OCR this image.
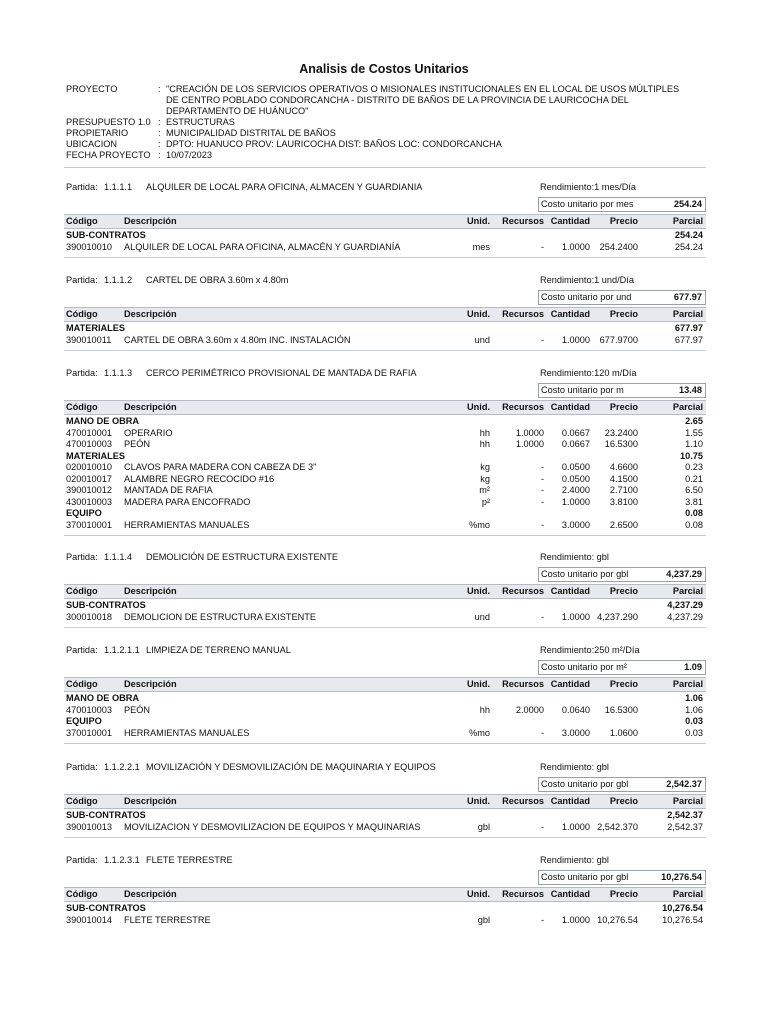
Analisis de Costos Unitarios
PROYECTO	: "CREACIÓN DE LOS SERVICIOS OPERATIVOS O MISIONALES INSTITUCIONALES EN EL LOCAL DE USOS MÚLTIPLES DE CENTRO POBLADO CONDORCANCHA - DISTRITO DE BAÑOS DE LA PROVINCIA DE LAURICOCHA DEL DEPARTAMENTO DE HUÁNUCO"
PRESUPUESTO 1.0 : ESTRUCTURAS
PROPIETARIO	: MUNICIPALIDAD DISTRITAL DE BAÑOS
UBICACION	: DPTO: HUANUCO PROV: LAURICOCHA DIST: BAÑOS LOC: CONDORCANCHA
FECHA PROYECTO : 10/07/2023
Partida: 1.1.1.1 ALQUILER DE LOCAL PARA OFICINA, ALMACEN Y GUARDIANIA	Rendimiento:1 mes/Día
Costo unitario por mes	254.24
Código	Descripción	Unid. Recursos Cantidad Precio	Parcial
SUB-CONTRATOS	254.24
390010010 ALQUILER DE LOCAL PARA OFICINA, ALMACÉN Y GUARDIANÍA	mes	- 1.0000 254.2400	254.24
Partida: 1.1.1.2 CARTEL DE OBRA 3.60m x 4.80m	Rendimiento:1 und/Día
Costo unitario por und	677.97
Código	Descripción	Unid. Recursos Cantidad Precio	Parcial
MATERIALES	677.97
390010011 CARTEL DE OBRA 3.60m x 4.80m INC. INSTALACIÓN	und	- 1.0000 677.9700	677.97
Partida: 1.1.1.3 CERCO PERIMÉTRICO PROVISIONAL DE MANTADA DE RAFIA	Rendimiento:120 m/Día
Costo unitario por m	13.48
Código	Descripción	Unid. Recursos Cantidad Precio	Parcial
MANO DE OBRA	2.65
470010001 OPERARIO	hh	1.0000 0.0667 23.2400	1.55
470010003 PEÓN	hh	1.0000 0.0667 16.5300	1.10
MATERIALES	10.75
020010010 CLAVOS PARA MADERA CON CABEZA DE 3"	kg	- 0.0500 4.6600	0.23
020010017 ALAMBRE NEGRO RECOCIDO #16	kg	- 0.0500 4.1500	0.21
390010012 MANTADA DE RAFIA	m²	- 2.4000 2.7100	6.50
430010003 MADERA PARA ENCOFRADO	p²	- 1.0000 3.8100	3.81
EQUIPO	0.08
370010001 HERRAMIENTAS MANUALES	%mo	- 3.0000 2.6500	0.08
Partida: 1.1.1.4 DEMOLICIÓN DE ESTRUCTURA EXISTENTE	Rendimiento: gbl
Costo unitario por gbl	4,237.29
Código	Descripción	Unid. Recursos Cantidad Precio	Parcial
SUB-CONTRATOS	4,237.29
300010018 DEMOLICION DE ESTRUCTURA EXISTENTE	und	- 1.0000 4,237.290	4,237.29
Partida: 1.1.2.1.1 LIMPIEZA DE TERRENO MANUAL	Rendimiento:250 m²/Día
Costo unitario por m²	1.09
Código	Descripción	Unid. Recursos Cantidad Precio	Parcial
MANO DE OBRA	1.06
470010003 PEÓN	hh	2.0000 0.0640 16.5300	1.06
EQUIPO	0.03
370010001 HERRAMIENTAS MANUALES	%mo	- 3.0000 1.0600	0.03
Partida: 1.1.2.2.1 MOVILIZACIÓN Y DESMOVILIZACIÓN DE MAQUINARIA Y EQUIPOS	Rendimiento: gbl
Costo unitario por gbl	2,542.37
Código	Descripción	Unid. Recursos Cantidad Precio	Parcial
SUB-CONTRATOS	2,542.37
390010013 MOVILIZACION Y DESMOVILIZACION DE EQUIPOS Y MAQUINARIAS	gbl	- 1.0000 2,542.370	2,542.37
Partida: 1.1.2.3.1 FLETE TERRESTRE	Rendimiento: gbl
Costo unitario por gbl	10,276.54
Código	Descripción	Unid. Recursos Cantidad Precio	Parcial
SUB-CONTRATOS	10,276.54
390010014 FLETE TERRESTRE	gbl	- 1.0000 10,276.54	10,276.54
